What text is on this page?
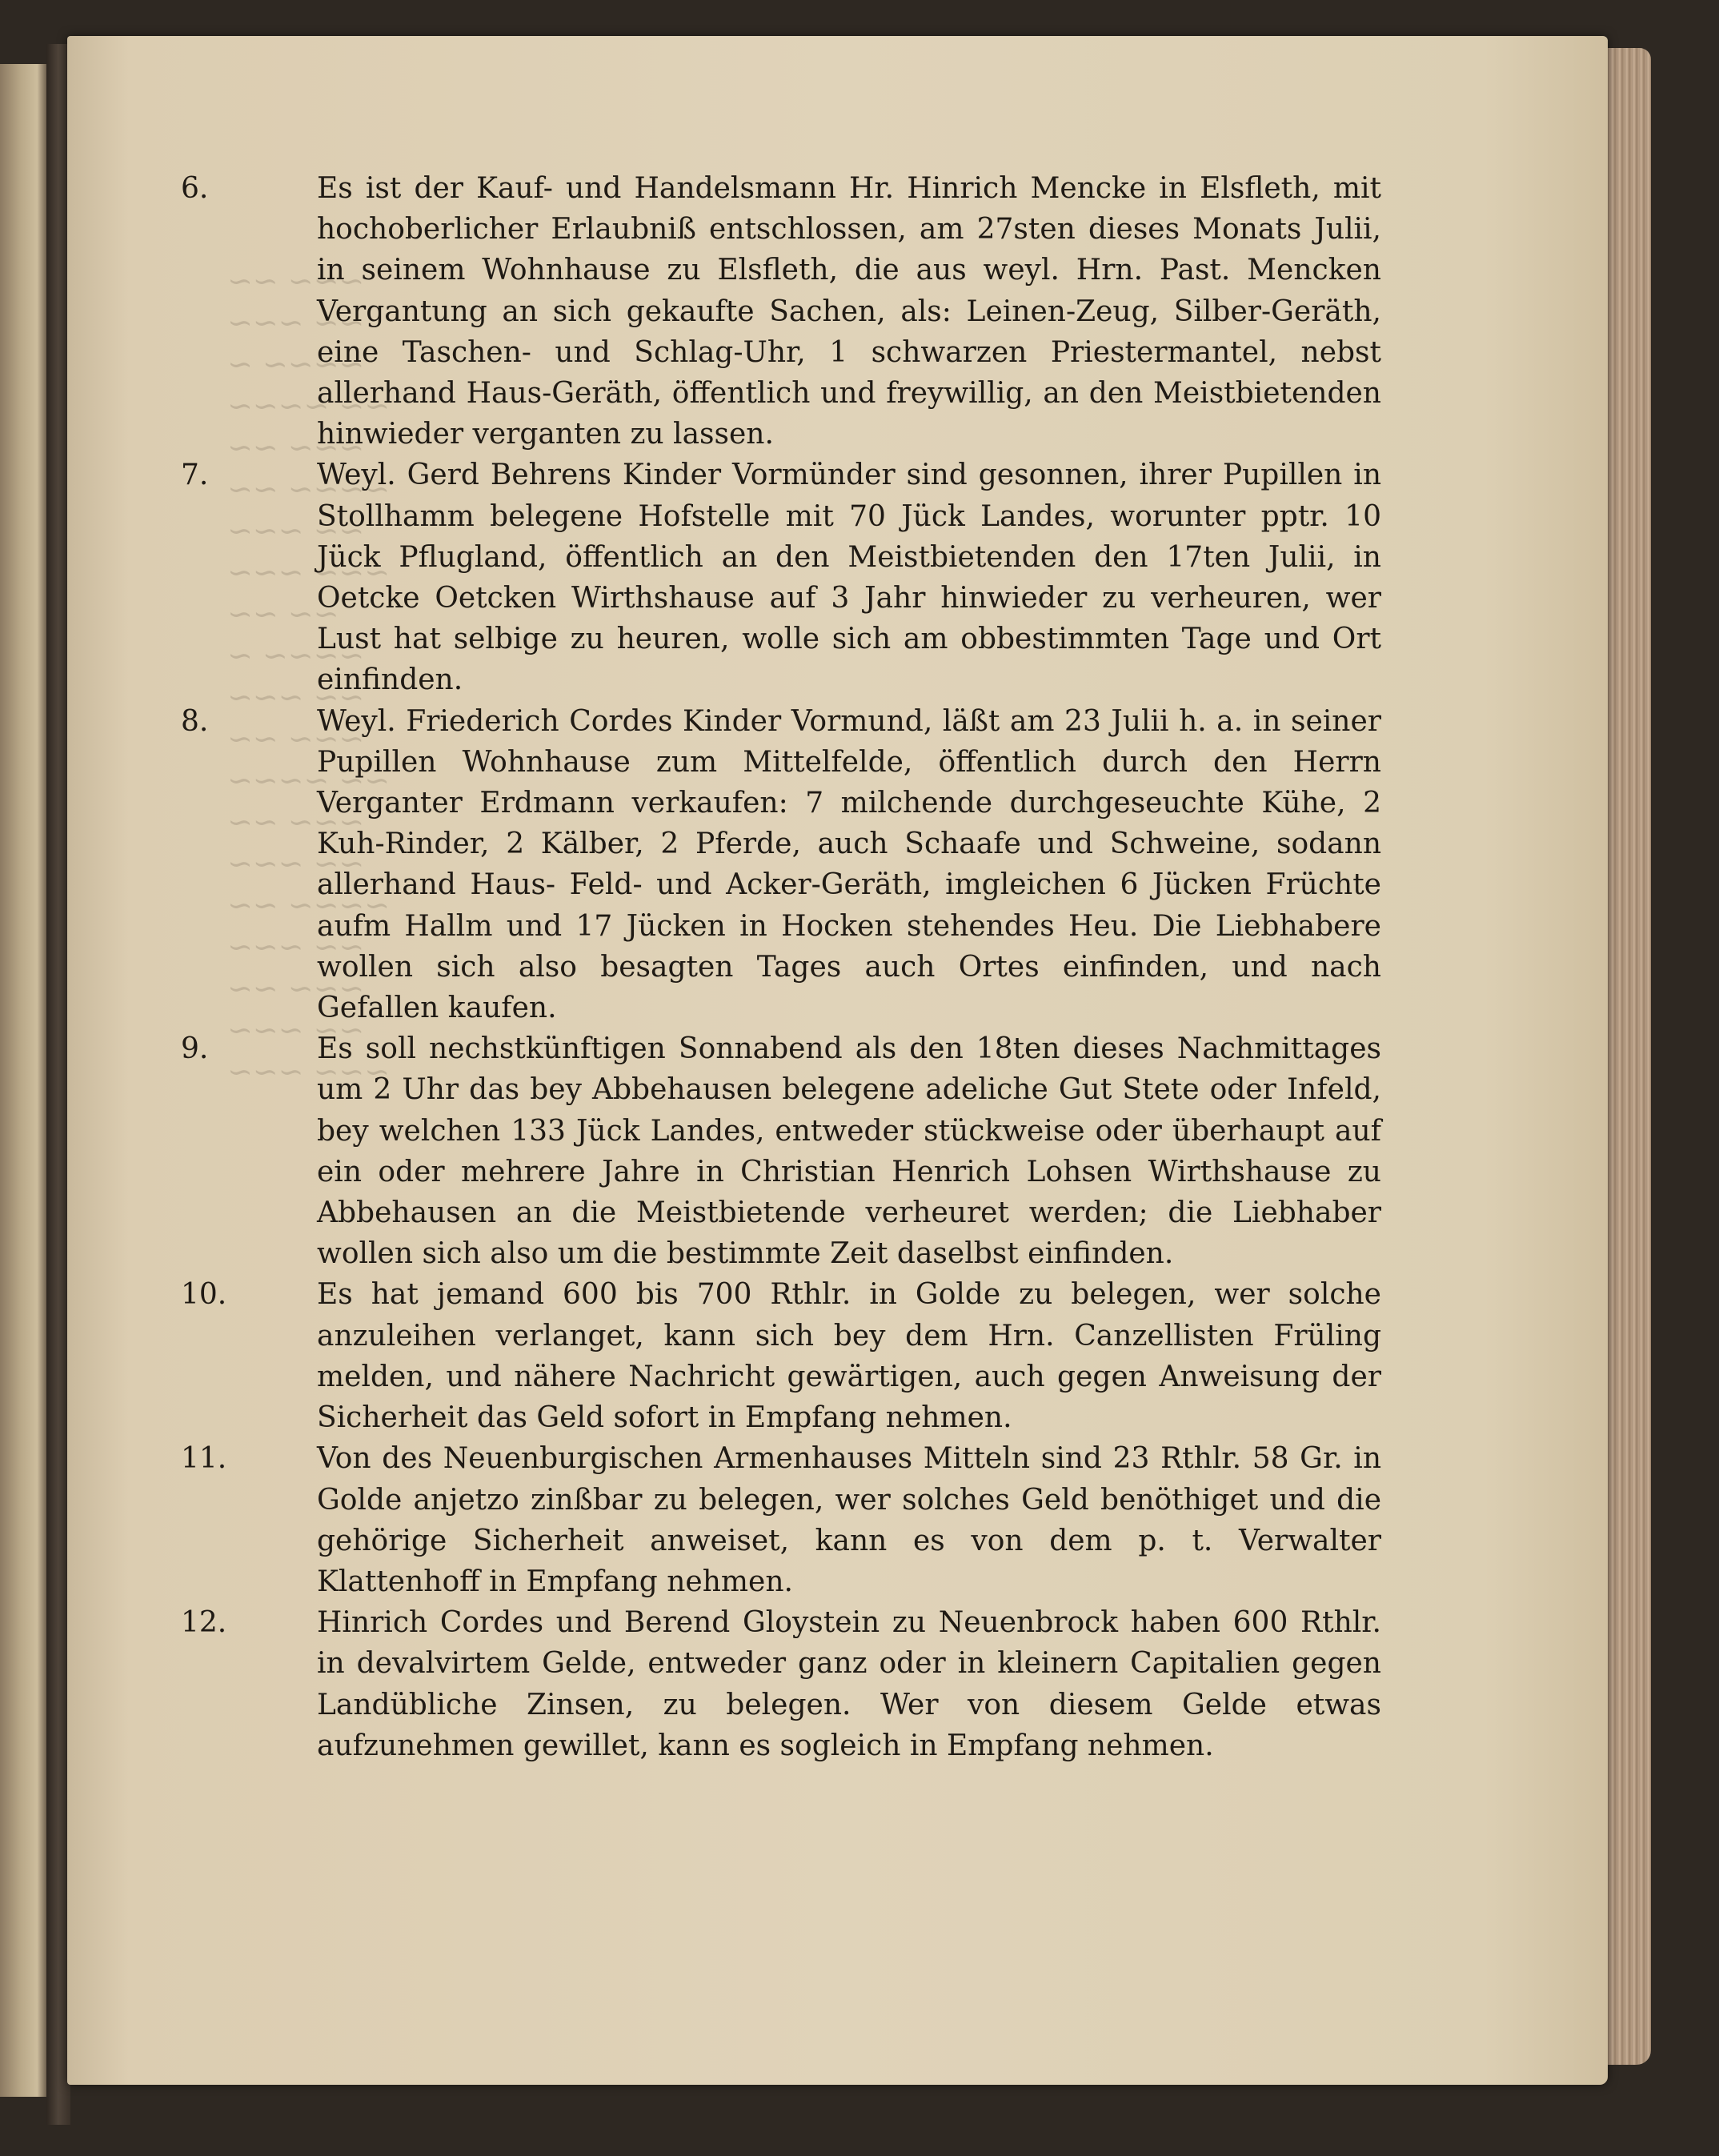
∼∼∼ ∼∼
∼∼ ∼∼∼
∼∼∼∼ ∼
∼∼ ∼∼∼∼
∼∼∼ ∼∼
∼∼∼∼ ∼∼
∼∼ ∼∼∼
∼∼∼ ∼∼∼
∼∼ ∼∼
∼∼∼∼ ∼
∼∼ ∼∼∼
∼∼∼ ∼∼
∼∼ ∼∼∼∼
∼∼∼ ∼∼
∼∼ ∼∼∼
∼∼∼∼ ∼∼
∼∼ ∼∼∼
∼∼∼ ∼∼
∼∼ ∼∼∼
∼∼∼ ∼∼∼
6.	Es ist der Kauf- und Handelsmann Hr. Hinrich Mencke in Elsfleth, mit hochoberlicher Erlaubniß entschlossen, am 27sten dieses Monats Julii, in seinem Wohnhause zu Elsfleth, die aus weyl. Hrn. Past. Mencken Vergantung an sich gekaufte Sachen, als: Leinen-Zeug, Silber-Geräth, eine Taschen- und Schlag-Uhr, 1 schwarzen Priestermantel, nebst allerhand Haus-Geräth, öffentlich und freywillig, an den Meistbietenden hinwieder verganten zu lassen.
7.	Weyl. Gerd Behrens Kinder Vormünder sind gesonnen, ihrer Pupillen in Stollhamm belegene Hofstelle mit 70 Jück Landes, worunter pptr. 10 Jück Pflugland, öffentlich an den Meistbietenden den 17ten Julii, in Oetcke Oetcken Wirthshause auf 3 Jahr hinwieder zu verheuren, wer Lust hat selbige zu heuren, wolle sich am obbestimmten Tage und Ort einfinden.
8.	Weyl. Friederich Cordes Kinder Vormund, läßt am 23 Julii h. a. in seiner Pupillen Wohnhause zum Mittelfelde, öffentlich durch den Herrn Verganter Erdmann verkaufen: 7 milchende durchgeseuchte Kühe, 2 Kuh-Rinder, 2 Kälber, 2 Pferde, auch Schaafe und Schweine, sodann allerhand Haus- Feld- und Acker-Geräth, imgleichen 6 Jücken Früchte aufm Hallm und 17 Jücken in Hocken stehendes Heu. Die Liebhabere wollen sich also besagten Tages auch Ortes einfinden, und nach Gefallen kaufen.
9.	Es soll nechstkünftigen Sonnabend als den 18ten dieses Nachmittages um 2 Uhr das bey Abbehausen belegene adeliche Gut Stete oder Infeld, bey welchen 133 Jück Landes, entweder stückweise oder überhaupt auf ein oder mehrere Jahre in Christian Henrich Lohsen Wirthshause zu Abbehausen an die Meistbietende verheuret werden; die Liebhaber wollen sich also um die bestimmte Zeit daselbst einfinden.
10.	Es hat jemand 600 bis 700 Rthlr. in Golde zu belegen, wer solche anzuleihen verlanget, kann sich bey dem Hrn. Canzellisten Früling melden, und nähere Nachricht gewärtigen, auch gegen Anweisung der Sicherheit das Geld sofort in Empfang nehmen.
11.	Von des Neuenburgischen Armenhauses Mitteln sind 23 Rthlr. 58 Gr. in Golde anjetzo zinßbar zu belegen, wer solches Geld benöthiget und die gehörige Sicherheit anweiset, kann es von dem p. t. Verwalter Klattenhoff in Empfang nehmen.
12.	Hinrich Cordes und Berend Gloystein zu Neuenbrock haben 600 Rthlr. in devalvirtem Gelde, entweder ganz oder in kleinern Capitalien gegen Landübliche Zinsen, zu belegen. Wer von diesem Gelde etwas aufzunehmen gewillet, kann es sogleich in Empfang nehmen.
